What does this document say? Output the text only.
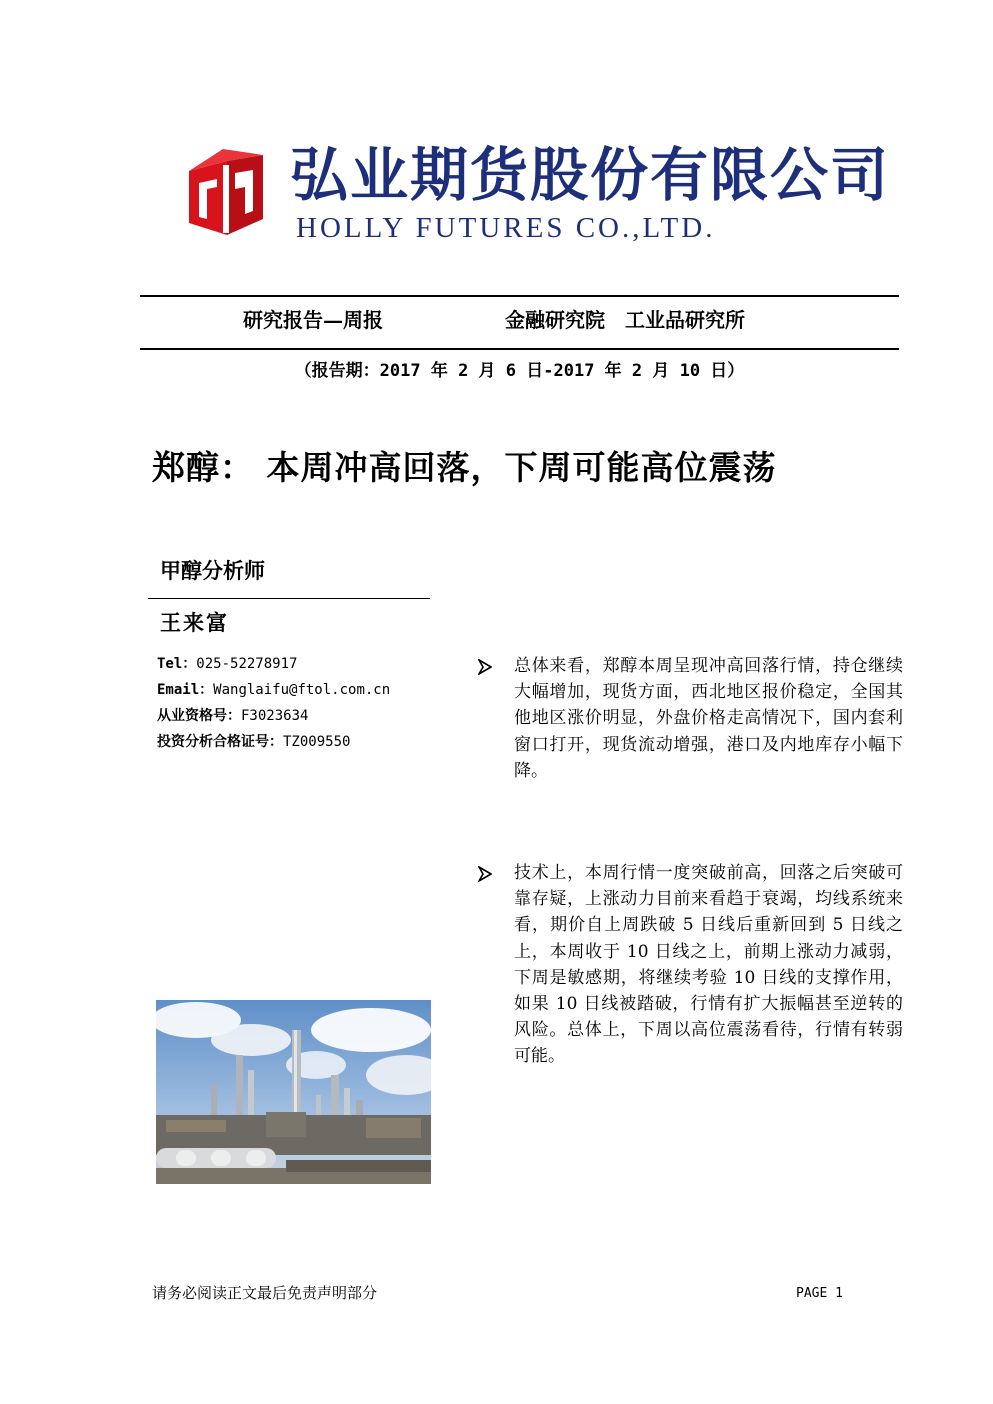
弘业期货股份有限公司
HOLLY FUTURES CO.,LTD.
研究报告—周报	金融研究院　工业品研究所
（报告期：2017 年 2 月 6 日-2017 年 2 月 10 日）
郑醇： 本周冲高回落，下周可能高位震荡
甲醇分析师
王来富
Tel：025-52278917
Email：Wanglaifu@ftol.com.cn
从业资格号：F3023634
投资分析合格证号：TZ009550
总体来看，郑醇本周呈现冲高回落行情，持仓继续大幅增加，现货方面，西北地区报价稳定，全国其他地区涨价明显，外盘价格走高情况下，国内套利窗口打开，现货流动增强，港口及内地库存小幅下降。
技术上，本周行情一度突破前高，回落之后突破可靠存疑，上涨动力目前来看趋于衰竭，均线系统来看，期价自上周跌破 5 日线后重新回到 5 日线之上，本周收于 10 日线之上，前期上涨动力减弱，下周是敏感期，将继续考验 10 日线的支撑作用，如果 10 日线被踏破，行情有扩大振幅甚至逆转的风险。总体上，下周以高位震荡看待，行情有转弱可能。
请务必阅读正文最后免责声明部分	PAGE 1
